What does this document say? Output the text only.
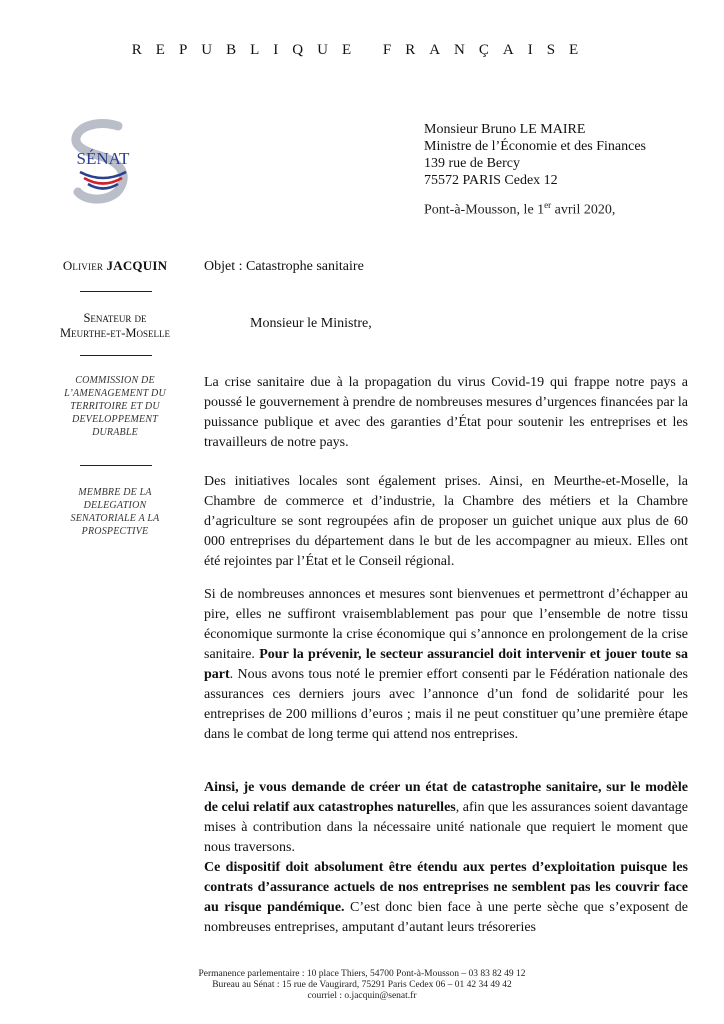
REPUBLIQUE FRANÇAISE
SÉNAT
Monsieur Bruno LE MAIRE
Ministre de l’Économie et des Finances
139 rue de Bercy
75572 PARIS Cedex 12
Pont-à-Mousson, le 1er avril 2020,
Olivier JACQUIN
Senateur de
Meurthe-et-Moselle
COMMISSION DE
L’AMENAGEMENT DU
TERRITOIRE ET DU
DEVELOPPEMENT
DURABLE
MEMBRE DE LA
DELEGATION
SENATORIALE A LA
PROSPECTIVE
Objet : Catastrophe sanitaire
Monsieur le Ministre,

La crise sanitaire due à la propagation du virus Covid-19 qui frappe notre pays a poussé le gouvernement à prendre de nombreuses mesures d’urgences financées par la puissance publique et avec des garanties d’État pour soutenir les entreprises et les travailleurs de notre pays.

Des initiatives locales sont également prises. Ainsi, en Meurthe-et-Moselle, la Chambre de commerce et d’industrie, la Chambre des métiers et la Chambre d’agriculture se sont regroupées afin de proposer un guichet unique aux plus de 60 000 entreprises du département dans le but de les accompagner au mieux. Elles ont été rejointes par l’État et le Conseil régional.

Si de nombreuses annonces et mesures sont bienvenues et permettront d’échapper au pire, elles ne suffiront vraisemblablement pas pour que l’ensemble de notre tissu économique surmonte la crise économique qui s’annonce en prolongement de la crise sanitaire. Pour la prévenir, le secteur assuranciel doit intervenir et jouer toute sa part. Nous avons tous noté le premier effort consenti par le Fédération nationale des assurances ces derniers jours avec l’annonce d’un fond de solidarité pour les entreprises de 200 millions d’euros ; mais il ne peut constituer qu’une première étape dans le combat de long terme qui attend nos entreprises.

Ainsi, je vous demande de créer un état de catastrophe sanitaire, sur le modèle de celui relatif aux catastrophes naturelles, afin que les assurances soient davantage mises à contribution dans la nécessaire unité nationale que requiert le moment que nous traversons.

Ce dispositif doit absolument être étendu aux pertes d’exploitation puisque les contrats d’assurance actuels de nos entreprises ne semblent pas les couvrir face au risque pandémique. C’est donc bien face à une perte sèche que s’exposent de nombreuses entreprises, amputant d’autant leurs trésoreries

Permanence parlementaire : 10 place Thiers, 54700 Pont-à-Mousson – 03 83 82 49 12
Bureau au Sénat : 15 rue de Vaugirard, 75291 Paris Cedex 06 – 01 42 34 49 42
courriel : o.jacquin@senat.fr
